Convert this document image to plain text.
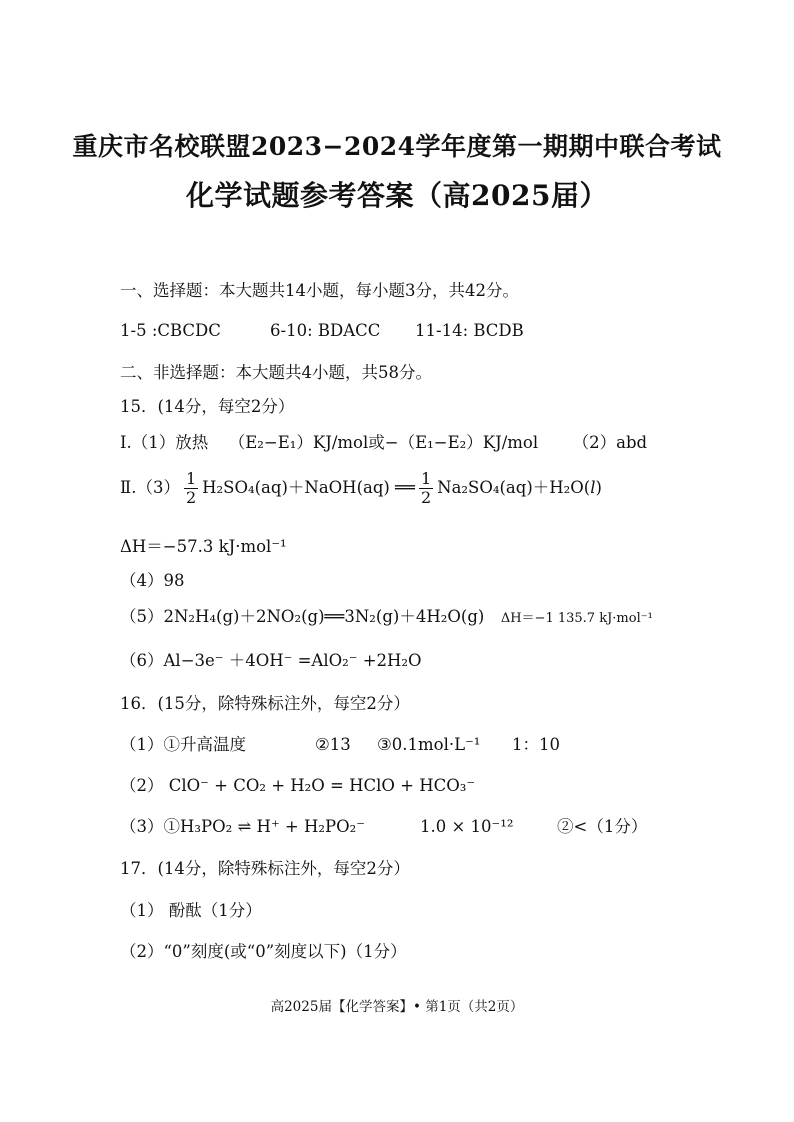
重庆市名校联盟2023−2024学年度第一期期中联合考试
化学试题参考答案（高2025届）
一、选择题：本大题共14小题，每小题3分，共42分。
1-5 :CBCDC	6-10: BDACC 11-14: BCDB
二、非选择题：本大题共4小题，共58分。
15．(14分，每空2分）
Ⅰ.（1）放热 （E₂−E₁）KJ/mol或−（E₁−E₂）KJ/mol （2）abd
Ⅱ.（3） $\frac{1}{2}$ H₂SO₄(aq)＋NaOH(aq) ══ $\frac{1}{2} Na_2SO_4(aq)+H_2O(l)$
ΔH＝−57.3 kJ·mol⁻¹
（4）98
（5）2N₂H₄(g)＋2NO₂(g)══3N₂(g)＋4H₂O(g) ΔH＝−1 135.7 kJ·mol⁻¹
（6）Al−3e⁻ ＋4OH⁻ =AlO₂⁻ +2H₂O
16．(15分，除特殊标注外，每空2分）
（1）①升高温度	②13 ③0.1mol·L⁻¹ 1：10
（2） ClO⁻ + CO₂ + H₂O = HClO + HCO₃⁻
（3）①H₃PO₂ ⇌ H⁺ + H₂PO₂⁻	1.0 × 10⁻¹²	②<（1分）
17．(14分，除特殊标注外，每空2分）
（1） 酚酞（1分）
（2）“0”刻度(或“0”刻度以下)（1分）
高2025届【化学答案】• 第1页（共2页）
